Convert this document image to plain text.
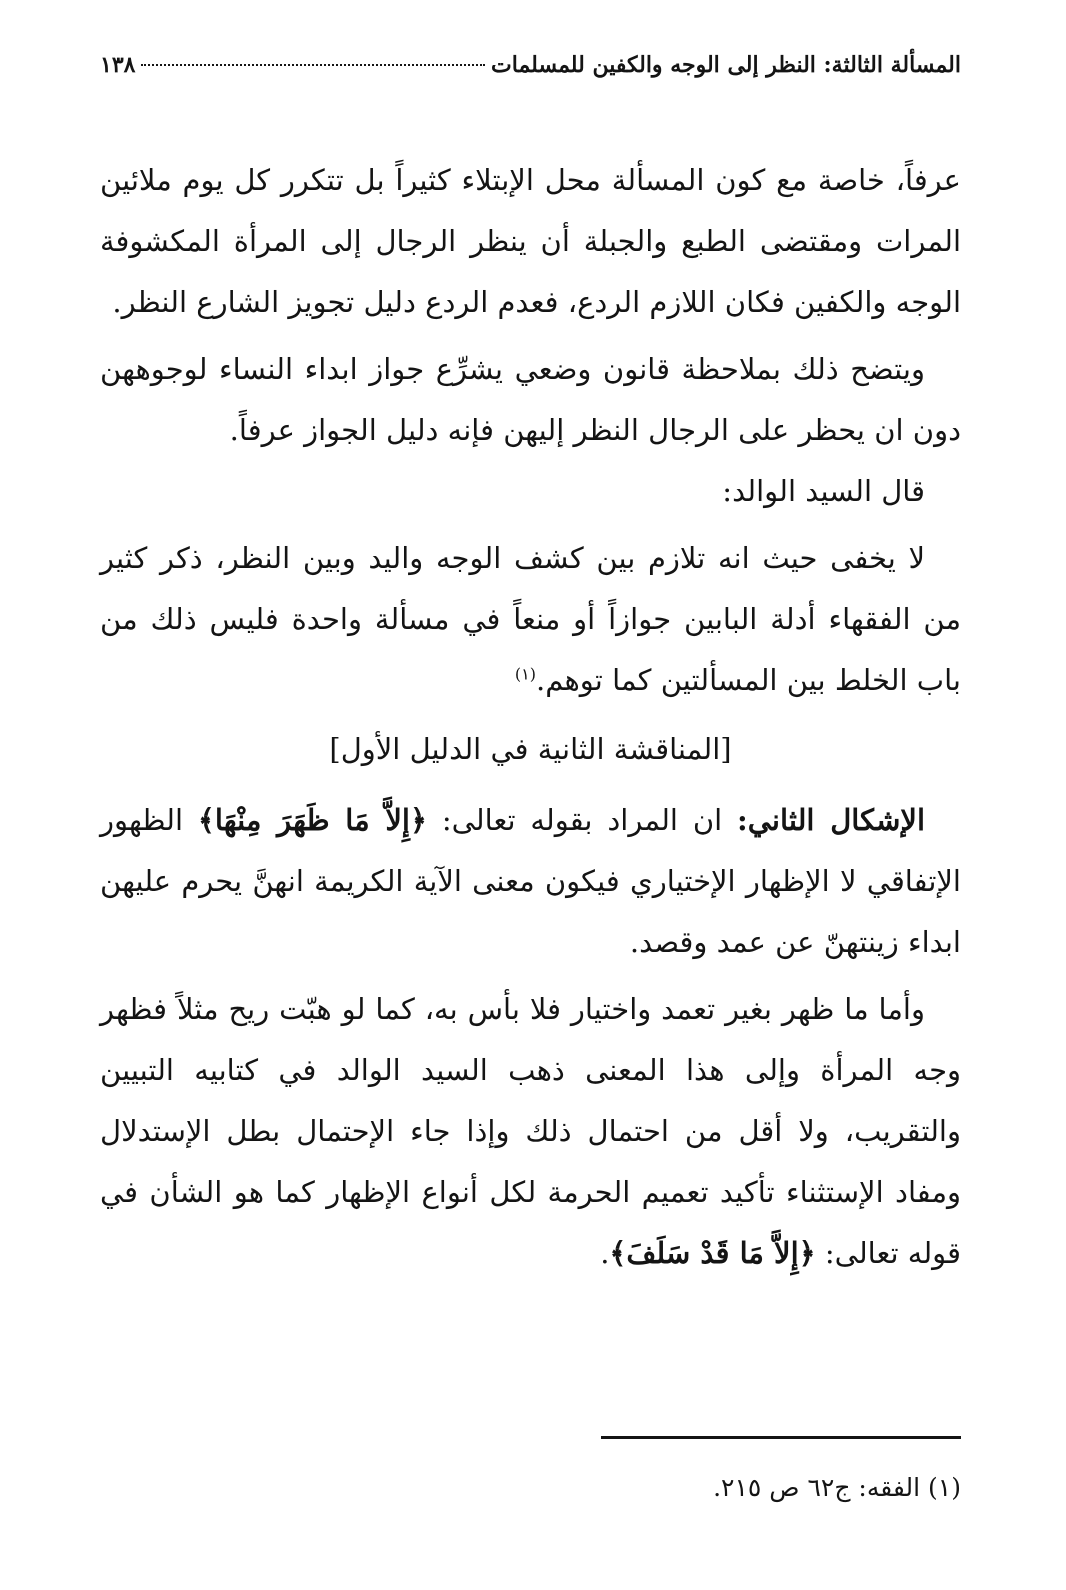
المسألة الثالثة: النظر إلى الوجه والكفين للمسلمات
١٣٨

عرفاً، خاصة مع كون المسألة محل الإبتلاء كثيراً بل تتكرر كل يوم ملائين المرات ومقتضى الطبع والجبلة أن ينظر الرجال إلى المرأة المكشوفة الوجه والكفين فكان اللازم الردع، فعدم الردع دليل تجويز الشارع النظر.

ويتضح ذلك بملاحظة قانون وضعي يشرِّع جواز ابداء النساء لوجوههن دون ان يحظر على الرجال النظر إليهن فإنه دليل الجواز عرفاً.

قال السيد الوالد:

لا يخفى حيث انه تلازم بين كشف الوجه واليد وبين النظر، ذكر كثير من الفقهاء أدلة البابين جوازاً أو منعاً في مسألة واحدة فليس ذلك من باب الخلط بين المسألتين كما توهم.$^{(١)}$

[المناقشة الثانية في الدليل الأول]

الإشكال الثاني: ان المراد بقوله تعالى: ﴿إِلاَّ مَا ظَهَرَ مِنْهَا﴾ الظهور الإتفاقي لا الإظهار الإختياري فيكون معنى الآية الكريمة انهنَّ يحرم عليهن ابداء زينتهنّ عن عمد وقصد.

وأما ما ظهر بغير تعمد واختيار فلا بأس به، كما لو هبّت ريح مثلاً فظهر وجه المرأة وإلى هذا المعنى ذهب السيد الوالد في كتابيه التبيين والتقريب، ولا أقل من احتمال ذلك وإذا جاء الإحتمال بطل الإستدلال ومفاد الإستثناء تأكيد تعميم الحرمة لكل أنواع الإظهار كما هو الشأن في قوله تعالى: ﴿إِلاَّ مَا قَدْ سَلَفَ﴾.

(١) الفقه: ج٦٢ ص ٢١٥.
